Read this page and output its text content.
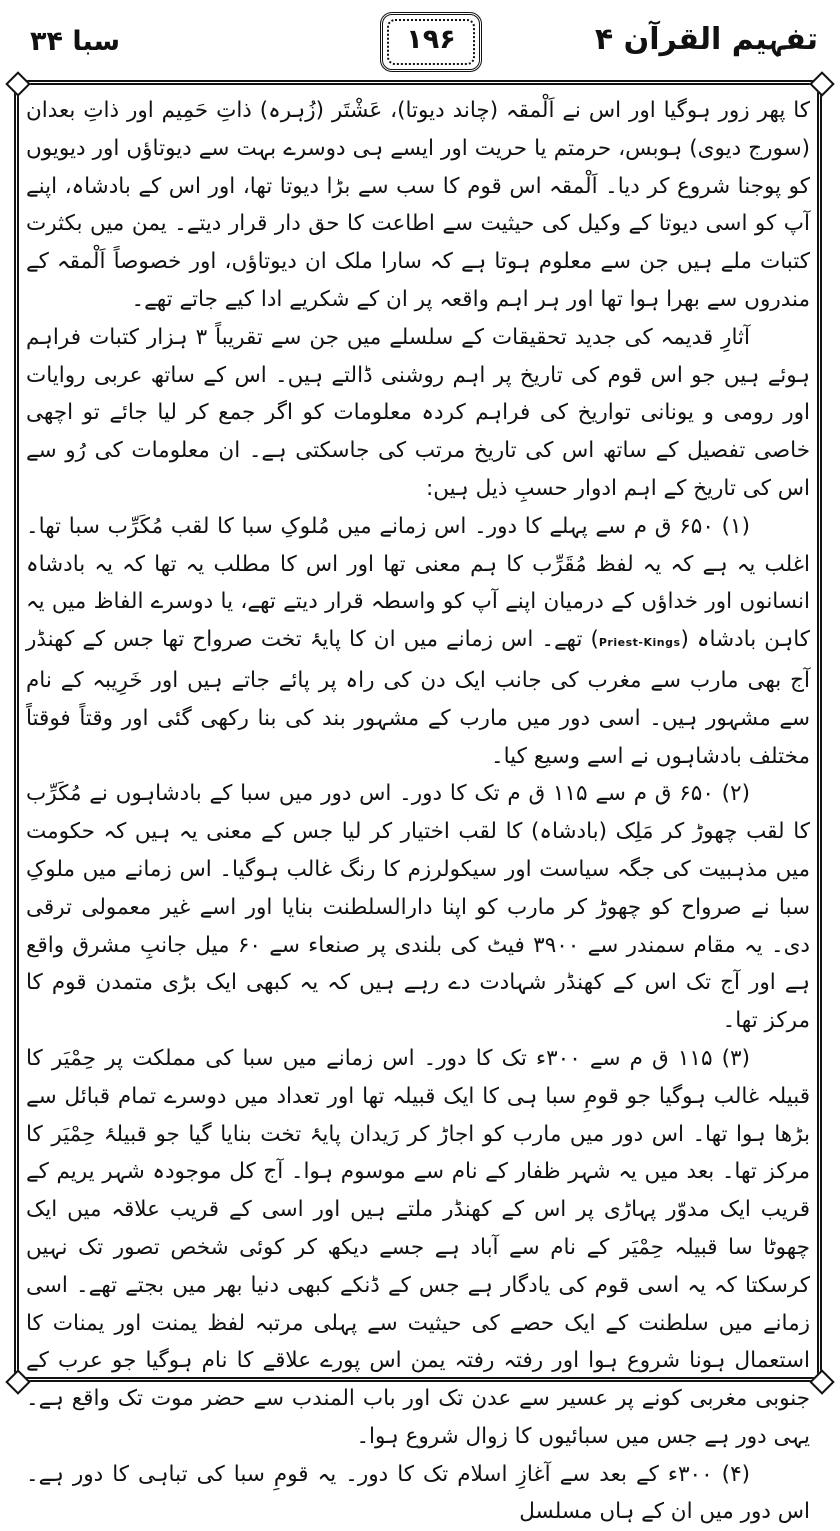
تفہیم القرآن ۴
۱۹۶
سبا ۳۴

کا پھر زور ہوگیا اور اس نے اَلْمقہ (چاند دیوتا)، عَشْتَر (زُہرہ) ذاتِ حَمِیم اور ذاتِ بعدان (سورج دیوی) ہوبس، حرمتم یا حریت اور ایسے ہی دوسرے بہت سے دیوتاؤں اور دیویوں کو پوجنا شروع کر دیا۔ اَلْمقہ اس قوم کا سب سے بڑا دیوتا تھا، اور اس کے بادشاہ، اپنے آپ کو اسی دیوتا کے وکیل کی حیثیت سے اطاعت کا حق دار قرار دیتے۔ یمن میں بکثرت کتبات ملے ہیں جن سے معلوم ہوتا ہے کہ سارا ملک ان دیوتاؤں، اور خصوصاً اَلْمقہ کے مندروں سے بھرا ہوا تھا اور ہر اہم واقعہ پر ان کے شکریے ادا کیے جاتے تھے۔

آثارِ قدیمہ کی جدید تحقیقات کے سلسلے میں جن سے تقریباً ۳ ہزار کتبات فراہم ہوئے ہیں جو اس قوم کی تاریخ پر اہم روشنی ڈالتے ہیں۔ اس کے ساتھ عربی روایات اور رومی و یونانی تواریخ کی فراہم کردہ معلومات کو اگر جمع کر لیا جائے تو اچھی خاصی تفصیل کے ساتھ اس کی تاریخ مرتب کی جاسکتی ہے۔ ان معلومات کی رُو سے اس کی تاریخ کے اہم ادوار حسبِ ذیل ہیں:

(۱) ۶۵۰ ق م سے پہلے کا دور۔ اس زمانے میں مُلوکِ سبا کا لقب مُکَرِّب سبا تھا۔ اغلب یہ ہے کہ یہ لفظ مُقَرِّب کا ہم معنی تھا اور اس کا مطلب یہ تھا کہ یہ بادشاہ انسانوں اور خداؤں کے درمیان اپنے آپ کو واسطہ قرار دیتے تھے، یا دوسرے الفاظ میں یہ کاہن بادشاہ (Priest-Kings) تھے۔ اس زمانے میں ان کا پایۂ تخت صرواح تھا جس کے کھنڈر آج بھی مارب سے مغرب کی جانب ایک دن کی راہ پر پائے جاتے ہیں اور خَرِیبہ کے نام سے مشہور ہیں۔ اسی دور میں مارب کے مشہور بند کی بنا رکھی گئی اور وقتاً فوقتاً مختلف بادشاہوں نے اسے وسیع کیا۔

(۲) ۶۵۰ ق م سے ۱۱۵ ق م تک کا دور۔ اس دور میں سبا کے بادشاہوں نے مُکَرِّب کا لقب چھوڑ کر مَلِک (بادشاہ) کا لقب اختیار کر لیا جس کے معنی یہ ہیں کہ حکومت میں مذہبیت کی جگہ سیاست اور سیکولرزم کا رنگ غالب ہوگیا۔ اس زمانے میں ملوکِ سبا نے صرواح کو چھوڑ کر مارب کو اپنا دارالسلطنت بنایا اور اسے غیر معمولی ترقی دی۔ یہ مقام سمندر سے ۳۹۰۰ فیٹ کی بلندی پر صنعاء سے ۶۰ میل جانبِ مشرق واقع ہے اور آج تک اس کے کھنڈر شہادت دے رہے ہیں کہ یہ کبھی ایک بڑی متمدن قوم کا مرکز تھا۔

(۳) ۱۱۵ ق م سے ۳۰۰ء تک کا دور۔ اس زمانے میں سبا کی مملکت پر حِمْیَر کا قبیلہ غالب ہوگیا جو قومِ سبا ہی کا ایک قبیلہ تھا اور تعداد میں دوسرے تمام قبائل سے بڑھا ہوا تھا۔ اس دور میں مارب کو اجاڑ کر رَیدان پایۂ تخت بنایا گیا جو قبیلۂ حِمْیَر کا مرکز تھا۔ بعد میں یہ شہر ظفار کے نام سے موسوم ہوا۔ آج کل موجودہ شہر یریم کے قریب ایک مدوّر پہاڑی پر اس کے کھنڈر ملتے ہیں اور اسی کے قریب علاقہ میں ایک چھوٹا سا قبیلہ حِمْیَر کے نام سے آباد ہے جسے دیکھ کر کوئی شخص تصور تک نہیں کرسکتا کہ یہ اسی قوم کی یادگار ہے جس کے ڈنکے کبھی دنیا بھر میں بجتے تھے۔ اسی زمانے میں سلطنت کے ایک حصے کی حیثیت سے پہلی مرتبہ لفظ یمنت اور یمنات کا استعمال ہونا شروع ہوا اور رفتہ رفتہ یمن اس پورے علاقے کا نام ہوگیا جو عرب کے جنوبی مغربی کونے پر عسیر سے عدن تک اور باب المندب سے حضر موت تک واقع ہے۔ یہی دور ہے جس میں سبائیوں کا زوال شروع ہوا۔

(۴) ۳۰۰ء کے بعد سے آغازِ اسلام تک کا دور۔ یہ قومِ سبا کی تباہی کا دور ہے۔ اس دور میں ان کے ہاں مسلسل
